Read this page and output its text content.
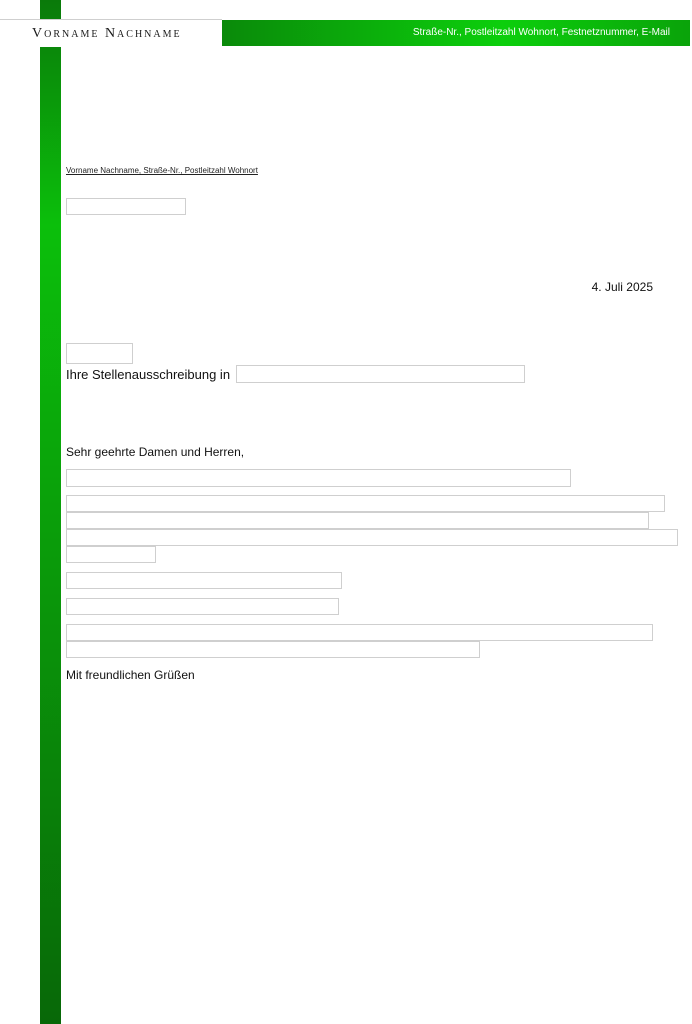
Vorname Nachname	Straße-Nr., Postleitzahl Wohnort, Festnetznummer, E-Mail
Vorname Nachname, Straße-Nr., Postleitzahl Wohnort
4. Juli 2025
Ihre Stellenausschreibung in
Sehr geehrte Damen und Herren,
Mit freundlichen Grüßen
